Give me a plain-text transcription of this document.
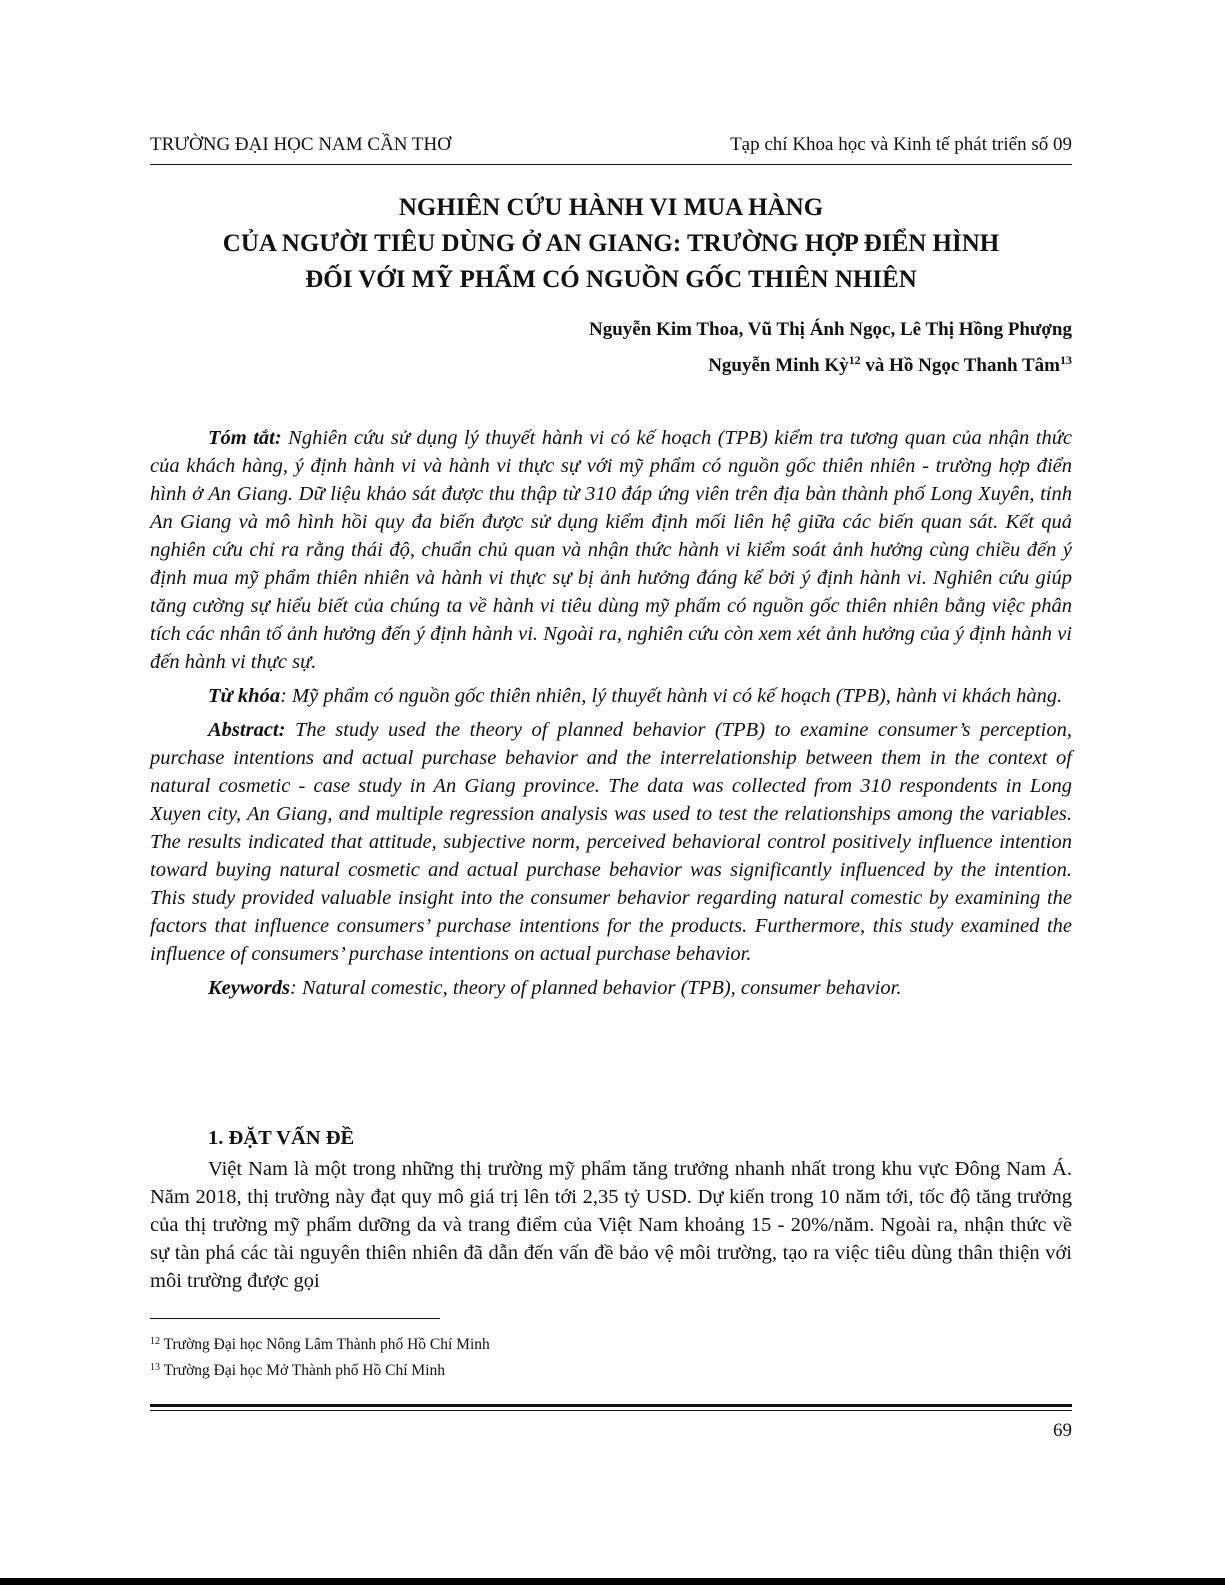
TRƯỜNG ĐẠI HỌC NAM CẦN THƠ	Tạp chí Khoa học và Kinh tế phát triển số 09
NGHIÊN CỨU HÀNH VI MUA HÀNG
CỦA NGƯỜI TIÊU DÙNG Ở AN GIANG: TRƯỜNG HỢP ĐIỂN HÌNH
ĐỐI VỚI MỸ PHẨM CÓ NGUỒN GỐC THIÊN NHIÊN
Nguyễn Kim Thoa, Vũ Thị Ánh Ngọc, Lê Thị Hồng Phượng
Nguyễn Minh Kỳ$^{12}$ và Hồ Ngọc Thanh Tâm$^{13}$

Tóm tắt: Nghiên cứu sử dụng lý thuyết hành vi có kế hoạch (TPB) kiểm tra tương quan của nhận thức của khách hàng, ý định hành vi và hành vi thực sự với mỹ phẩm có nguồn gốc thiên nhiên - trường hợp điển hình ở An Giang. Dữ liệu khảo sát được thu thập từ 310 đáp ứng viên trên địa bàn thành phố Long Xuyên, tỉnh An Giang và mô hình hồi quy đa biến được sử dụng kiểm định mối liên hệ giữa các biến quan sát. Kết quả nghiên cứu chỉ ra rằng thái độ, chuẩn chủ quan và nhận thức hành vi kiểm soát ảnh hưởng cùng chiều đến ý định mua mỹ phẩm thiên nhiên và hành vi thực sự bị ảnh hưởng đáng kể bởi ý định hành vi. Nghiên cứu giúp tăng cường sự hiểu biết của chúng ta về hành vi tiêu dùng mỹ phẩm có nguồn gốc thiên nhiên bằng việc phân tích các nhân tố ảnh hưởng đến ý định hành vi. Ngoài ra, nghiên cứu còn xem xét ảnh hưởng của ý định hành vi đến hành vi thực sự.

Từ khóa: Mỹ phẩm có nguồn gốc thiên nhiên, lý thuyết hành vi có kế hoạch (TPB), hành vi khách hàng.

Abstract: The study used the theory of planned behavior (TPB) to examine consumer’s perception, purchase intentions and actual purchase behavior and the interrelationship between them in the context of natural cosmetic - case study in An Giang province. The data was collected from 310 respondents in Long Xuyen city, An Giang, and multiple regression analysis was used to test the relationships among the variables. The results indicated that attitude, subjective norm, perceived behavioral control positively influence intention toward buying natural cosmetic and actual purchase behavior was significantly influenced by the intention. This study provided valuable insight into the consumer behavior regarding natural comestic by examining the factors that influence consumers’ purchase intentions for the products. Furthermore, this study examined the influence of consumers’ purchase intentions on actual purchase behavior.

Keywords: Natural comestic, theory of planned behavior (TPB), consumer behavior.

1. ĐẶT VẤN ĐỀ

Việt Nam là một trong những thị trường mỹ phẩm tăng trưởng nhanh nhất trong khu vực Đông Nam Á. Năm 2018, thị trường này đạt quy mô giá trị lên tới 2,35 tỷ USD. Dự kiến trong 10 năm tới, tốc độ tăng trưởng của thị trường mỹ phẩm dưỡng da và trang điểm của Việt Nam khoảng 15 - 20%/năm. Ngoài ra, nhận thức về sự tàn phá các tài nguyên thiên nhiên đã dẫn đến vấn đề bảo vệ môi trường, tạo ra việc tiêu dùng thân thiện với môi trường được gọi

$^{12}$ Trường Đại học Nông Lâm Thành phố Hồ Chí Minh
$^{13}$ Trường Đại học Mở Thành phố Hồ Chí Minh
69
